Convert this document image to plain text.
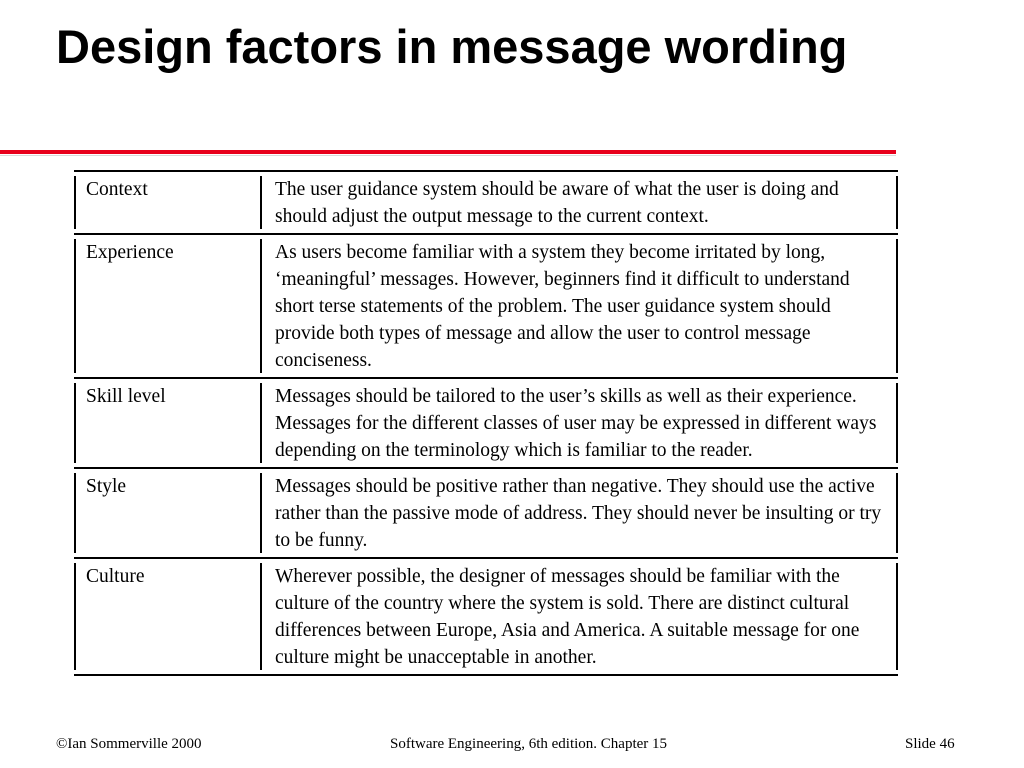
Design factors in message wording
Context	The user guidance system should be aware of what the user is doing and should adjust the output message to the current context.
Experience	As users become familiar with a system they become irritated by long, ‘meaningful’ messages. However, beginners find it difficult to understand short terse statements of the problem. The user guidance system should provide both types of message and allow the user to control message conciseness.
Skill level	Messages should be tailored to the user’s skills as well as their experience. Messages for the different classes of user may be expressed in different ways depending on the terminology which is familiar to the reader.
Style	Messages should be positive rather than negative. They should use the active rather than the passive mode of address. They should never be insulting or try to be funny.
Culture	Wherever possible, the designer of messages should be familiar with the culture of the country where the system is sold. There are distinct cultural differences between Europe, Asia and America. A suitable message for one culture might be unacceptable in another.
©Ian Sommerville 2000	Software Engineering, 6th edition. Chapter 15	Slide 46
